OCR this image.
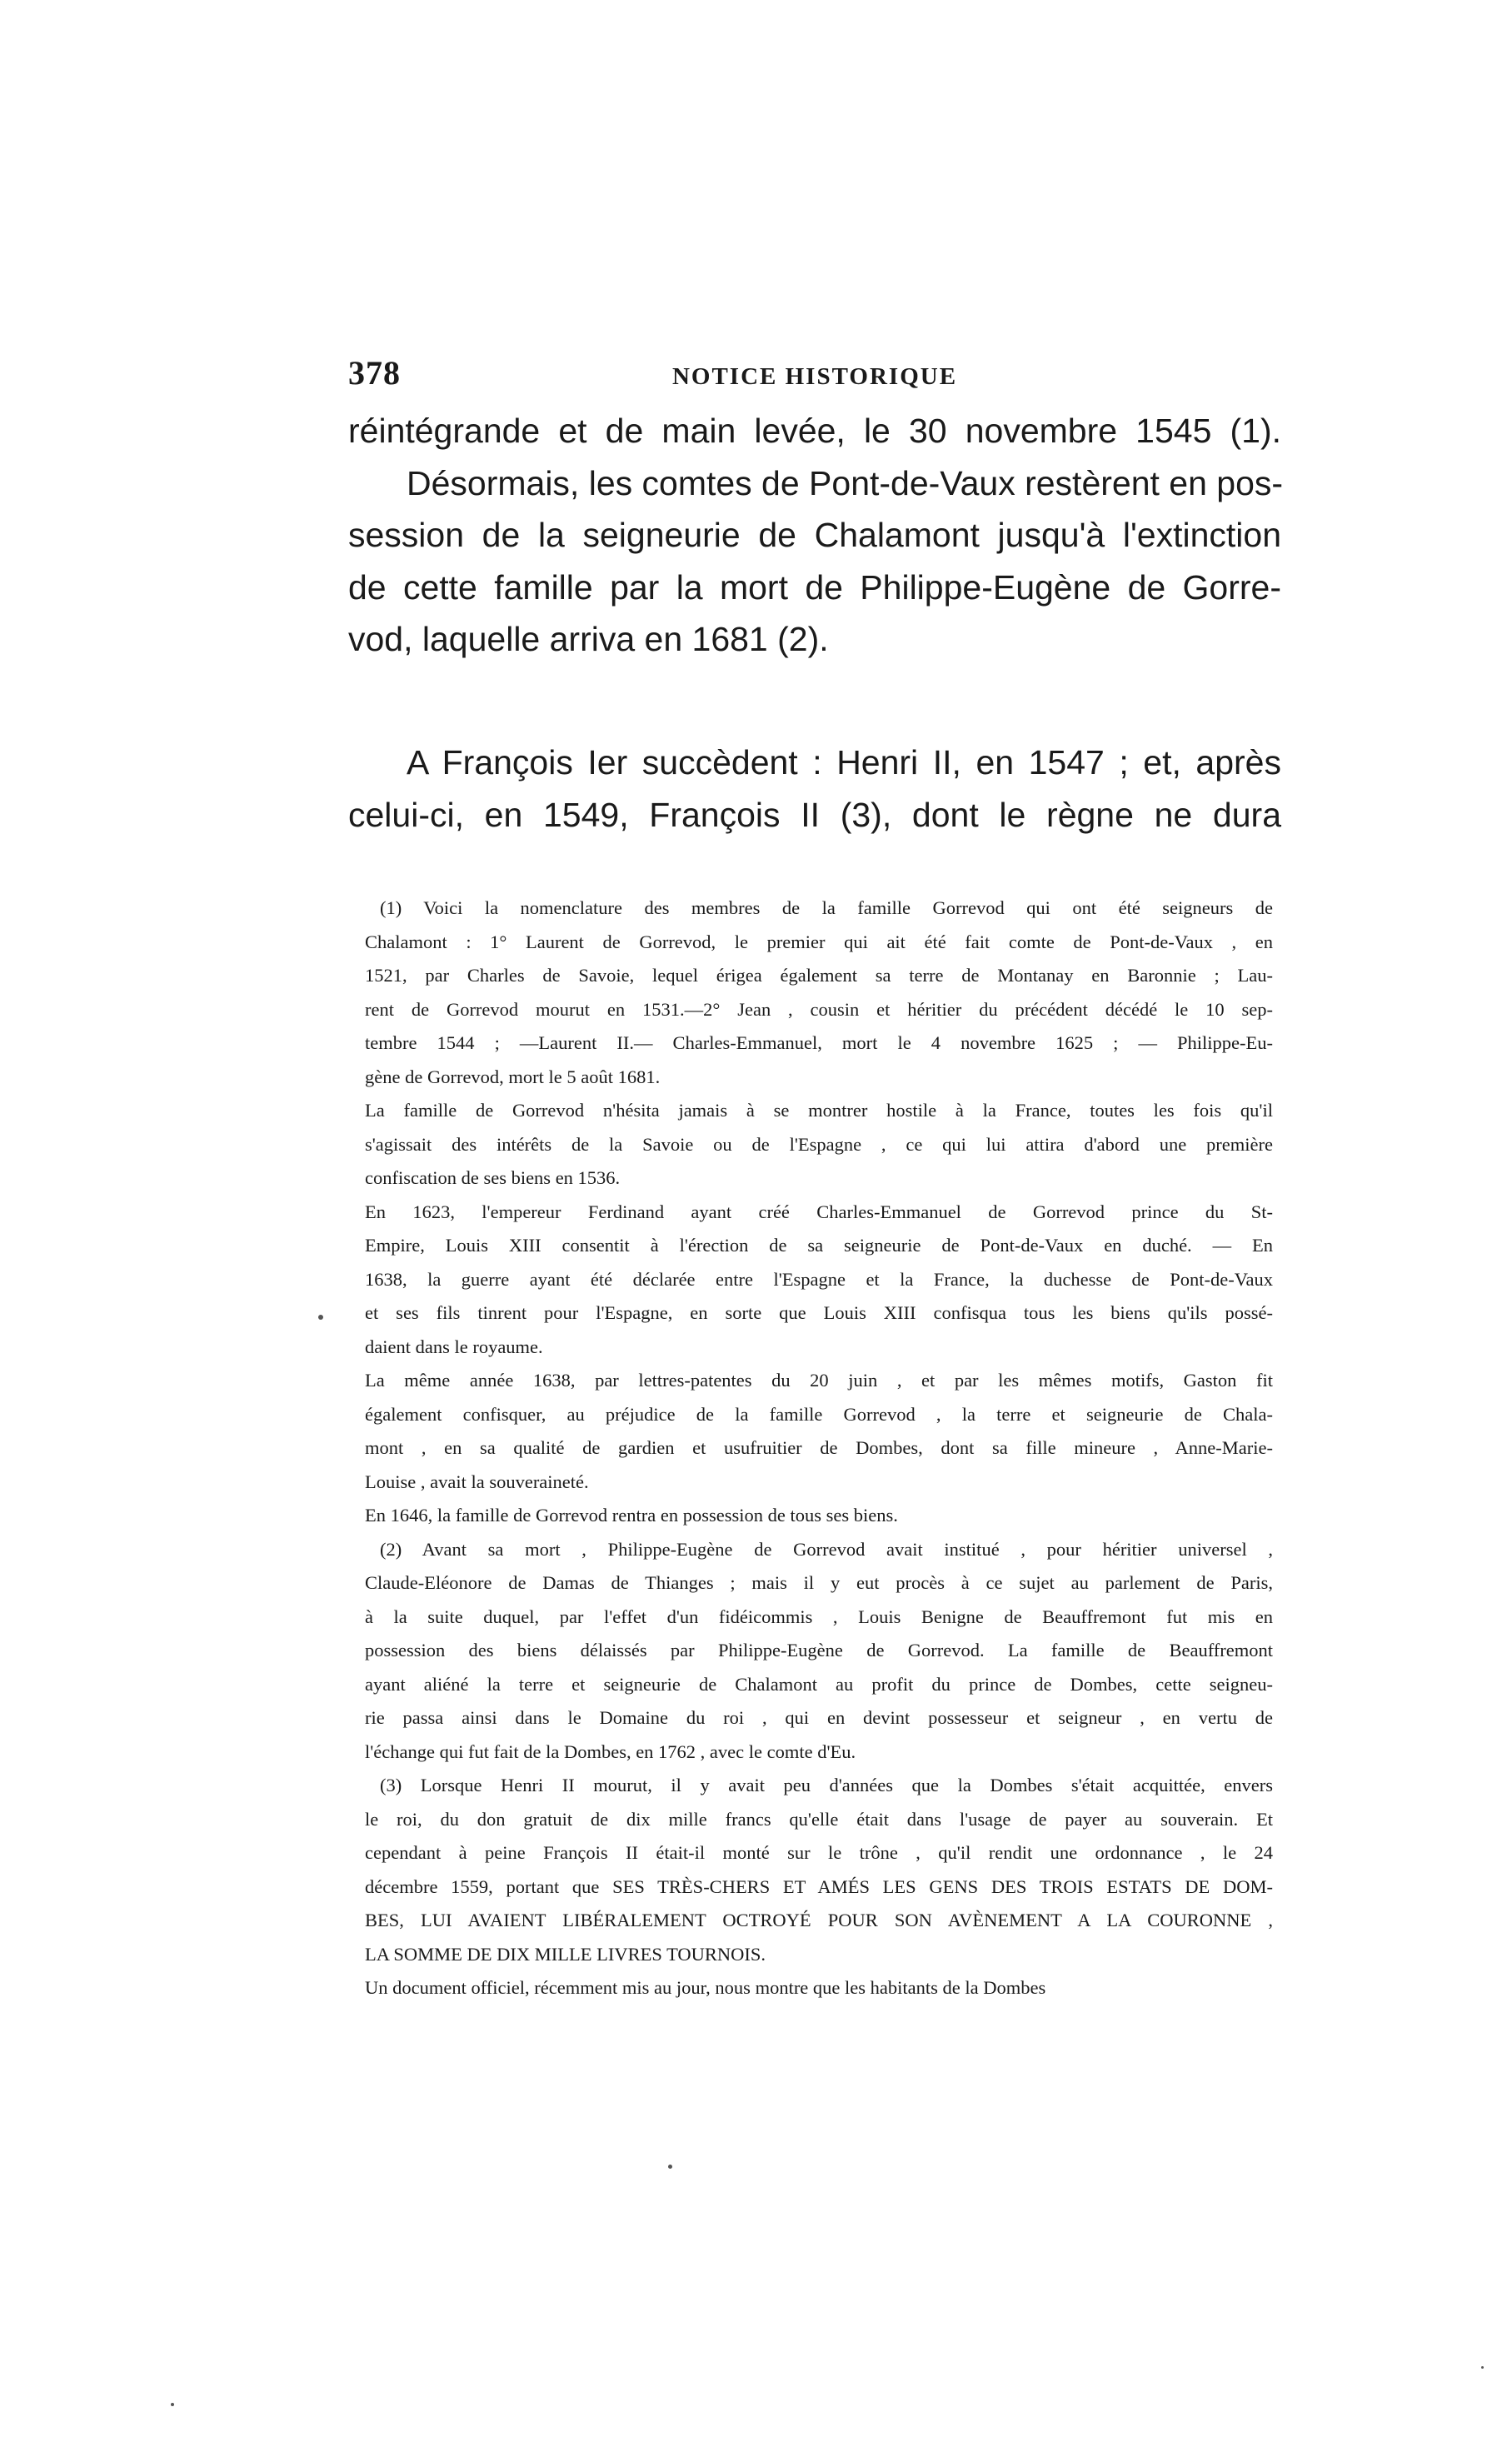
378	NOTICE HISTORIQUE
réintégrande et de main levée, le 30 novembre 1545 (1).
Désormais, les comtes de Pont-de-Vaux restèrent en pos-
session de la seigneurie de Chalamont jusqu'à l'extinction
de cette famille par la mort de Philippe-Eugène de Gorre-
vod, laquelle arriva en 1681 (2).
A François Ier succèdent : Henri II, en 1547 ; et, après
celui-ci, en 1549, François II (3), dont le règne ne dura
(1) Voici la nomenclature des membres de la famille Gorrevod qui ont été seigneurs de
Chalamont : 1° Laurent de Gorrevod, le premier qui ait été fait comte de Pont-de-Vaux , en
1521, par Charles de Savoie, lequel érigea également sa terre de Montanay en Baronnie ; Lau-
rent de Gorrevod mourut en 1531.—2° Jean , cousin et héritier du précédent décédé le 10 sep-
tembre 1544 ; —Laurent II.— Charles-Emmanuel, mort le 4 novembre 1625 ; — Philippe-Eu-
gène de Gorrevod, mort le 5 août 1681.
La famille de Gorrevod n'hésita jamais à se montrer hostile à la France, toutes les fois qu'il
s'agissait des intérêts de la Savoie ou de l'Espagne , ce qui lui attira d'abord une première
confiscation de ses biens en 1536.
En 1623, l'empereur Ferdinand ayant créé Charles-Emmanuel de Gorrevod prince du St-
Empire, Louis XIII consentit à l'érection de sa seigneurie de Pont-de-Vaux en duché. — En
1638, la guerre ayant été déclarée entre l'Espagne et la France, la duchesse de Pont-de-Vaux
et ses fils tinrent pour l'Espagne, en sorte que Louis XIII confisqua tous les biens qu'ils possé-
daient dans le royaume.
La même année 1638, par lettres-patentes du 20 juin , et par les mêmes motifs, Gaston fit
également confisquer, au préjudice de la famille Gorrevod , la terre et seigneurie de Chala-
mont , en sa qualité de gardien et usufruitier de Dombes, dont sa fille mineure , Anne-Marie-
Louise , avait la souveraineté.
En 1646, la famille de Gorrevod rentra en possession de tous ses biens.
(2) Avant sa mort , Philippe-Eugène de Gorrevod avait institué , pour héritier universel ,
Claude-Eléonore de Damas de Thianges ; mais il y eut procès à ce sujet au parlement de Paris,
à la suite duquel, par l'effet d'un fidéicommis , Louis Benigne de Beauffremont fut mis en
possession des biens délaissés par Philippe-Eugène de Gorrevod. La famille de Beauffremont
ayant aliéné la terre et seigneurie de Chalamont au profit du prince de Dombes, cette seigneu-
rie passa ainsi dans le Domaine du roi , qui en devint possesseur et seigneur , en vertu de
l'échange qui fut fait de la Dombes, en 1762 , avec le comte d'Eu.
(3) Lorsque Henri II mourut, il y avait peu d'années que la Dombes s'était acquittée, envers
le roi, du don gratuit de dix mille francs qu'elle était dans l'usage de payer au souverain. Et
cependant à peine François II était-il monté sur le trône , qu'il rendit une ordonnance , le 24
décembre 1559, portant que SES TRÈS-CHERS ET AMÉS LES GENS DES TROIS ESTATS DE DOM-
BES, LUI AVAIENT LIBÉRALEMENT OCTROYÉ POUR SON AVÈNEMENT A LA COURONNE ,
LA SOMME DE DIX MILLE LIVRES TOURNOIS.
Un document officiel, récemment mis au jour, nous montre que les habitants de la Dombes
